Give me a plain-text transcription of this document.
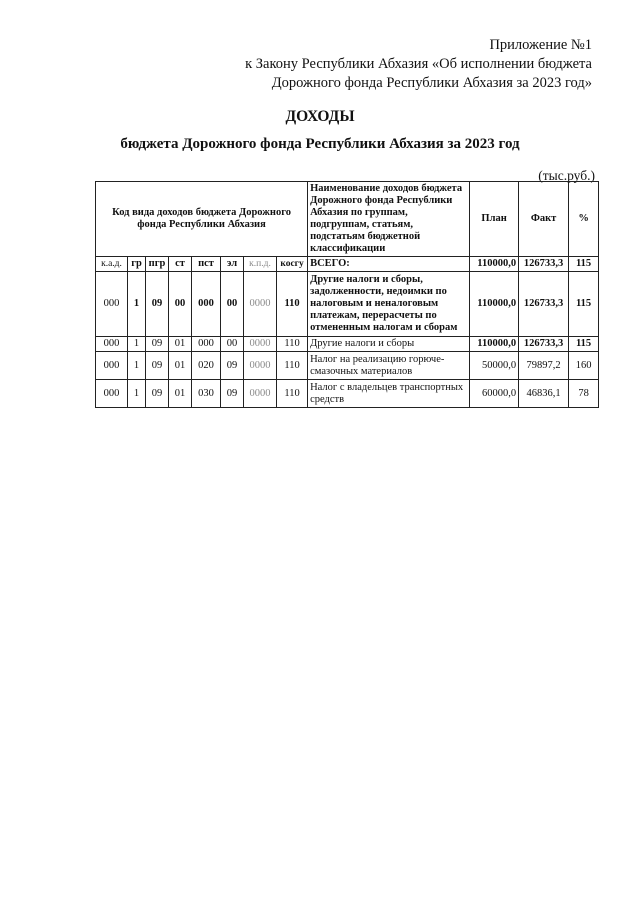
Приложение №1
к Закону Республики Абхазия «Об исполнении бюджета
Дорожного фонда Республики Абхазия за 2023 год»
ДОХОДЫ
бюджета Дорожного фонда Республики Абхазия за 2023 год
(тыс.руб.)
Код вида доходов бюджета Дорожного фонда Республики Абхазия								Наименование доходов бюджета Дорожного фонда Республики Абхазия по группам, подгруппам, статьям, подстатьям бюджетной классификации	План	Факт	%
к.а.д.	гр	пгр	ст	пст	эл	к.п.д.	косгу	ВСЕГО:	110000,0	126733,3	115
000	1	09	00	000	00	0000	110	Другие налоги и сборы, задолженности, недоимки по налоговым и неналоговым платежам, перерасчеты по отмененным налогам и сборам	110000,0	126733,3	115
000	1	09	01	000	00	0000	110	Другие налоги и сборы	110000,0	126733,3	115
000	1	09	01	020	09	0000	110	Налог на реализацию горюче-смазочных материалов	50000,0	79897,2	160
000	1	09	01	030	09	0000	110	Налог с владельцев транспортных средств	60000,0	46836,1	78
